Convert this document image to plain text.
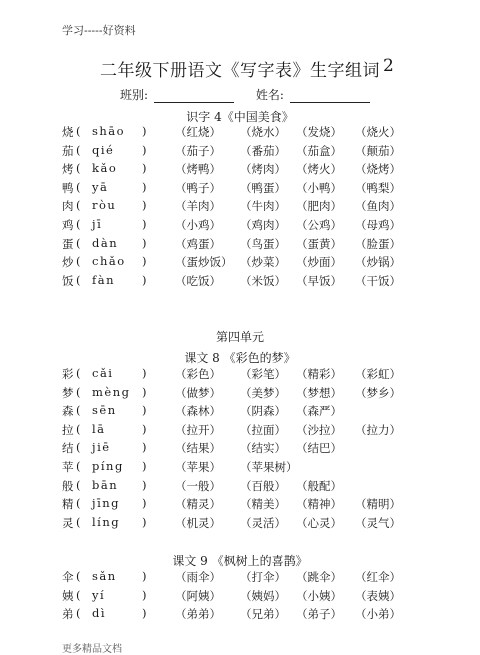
学习-----好资料
二年级下册语文《写字表》生字组词 2
班别:	姓名:
识字 4《中国美食》
烧 ( shāo ) （红烧） （烧水） （发烧） （烧火）
茄 ( qié ) （茄子） （番茄） （茄盒） （颠茄）
烤 ( kǎo ) （烤鸭） （烤肉） （烤火） （烧烤）
鸭 ( yā	) （鸭子） （鸭蛋） （小鸭） （鸭梨）
肉 ( ròu ) （羊肉） （牛肉） （肥肉） （鱼肉）
鸡 ( jī	) （小鸡） （鸡肉） （公鸡） （母鸡）
蛋 ( dàn ) （鸡蛋） （鸟蛋） （蛋黄） （脸蛋）
炒 ( chǎo ) （蛋炒饭） （炒菜） （炒面） （炒锅）
饭 ( fàn ) （吃饭） （米饭） （早饭） （干饭）
第四单元
课文 8 《彩色的梦》
彩 ( cǎi ) （彩色） （彩笔） （精彩） （彩虹）
梦 ( mèng ) （做梦） （美梦） （梦想） （梦乡）
森 ( sēn ) （森林） （阴森） （森严）
拉 ( lā	) （拉开） （拉面） （沙拉） （拉力）
结 ( jiē	) （结果） （结实） （结巴）
苹 ( píng ) （苹果） （苹果树）
般 ( bān ) （一般） （百般） （般配）
精 ( jīng ) （精灵） （精美） （精神） （精明）
灵 ( líng ) （机灵） （灵活） （心灵） （灵气）
课文 9 《枫树上的喜鹊》
伞 ( sǎn ) （雨伞） （打伞） （跳伞） （红伞）
姨 ( yí	) （阿姨） （姨妈） （小姨） （表姨）
弟 ( dì	) （弟弟） （兄弟） （弟子） （小弟）
更多精品文档
